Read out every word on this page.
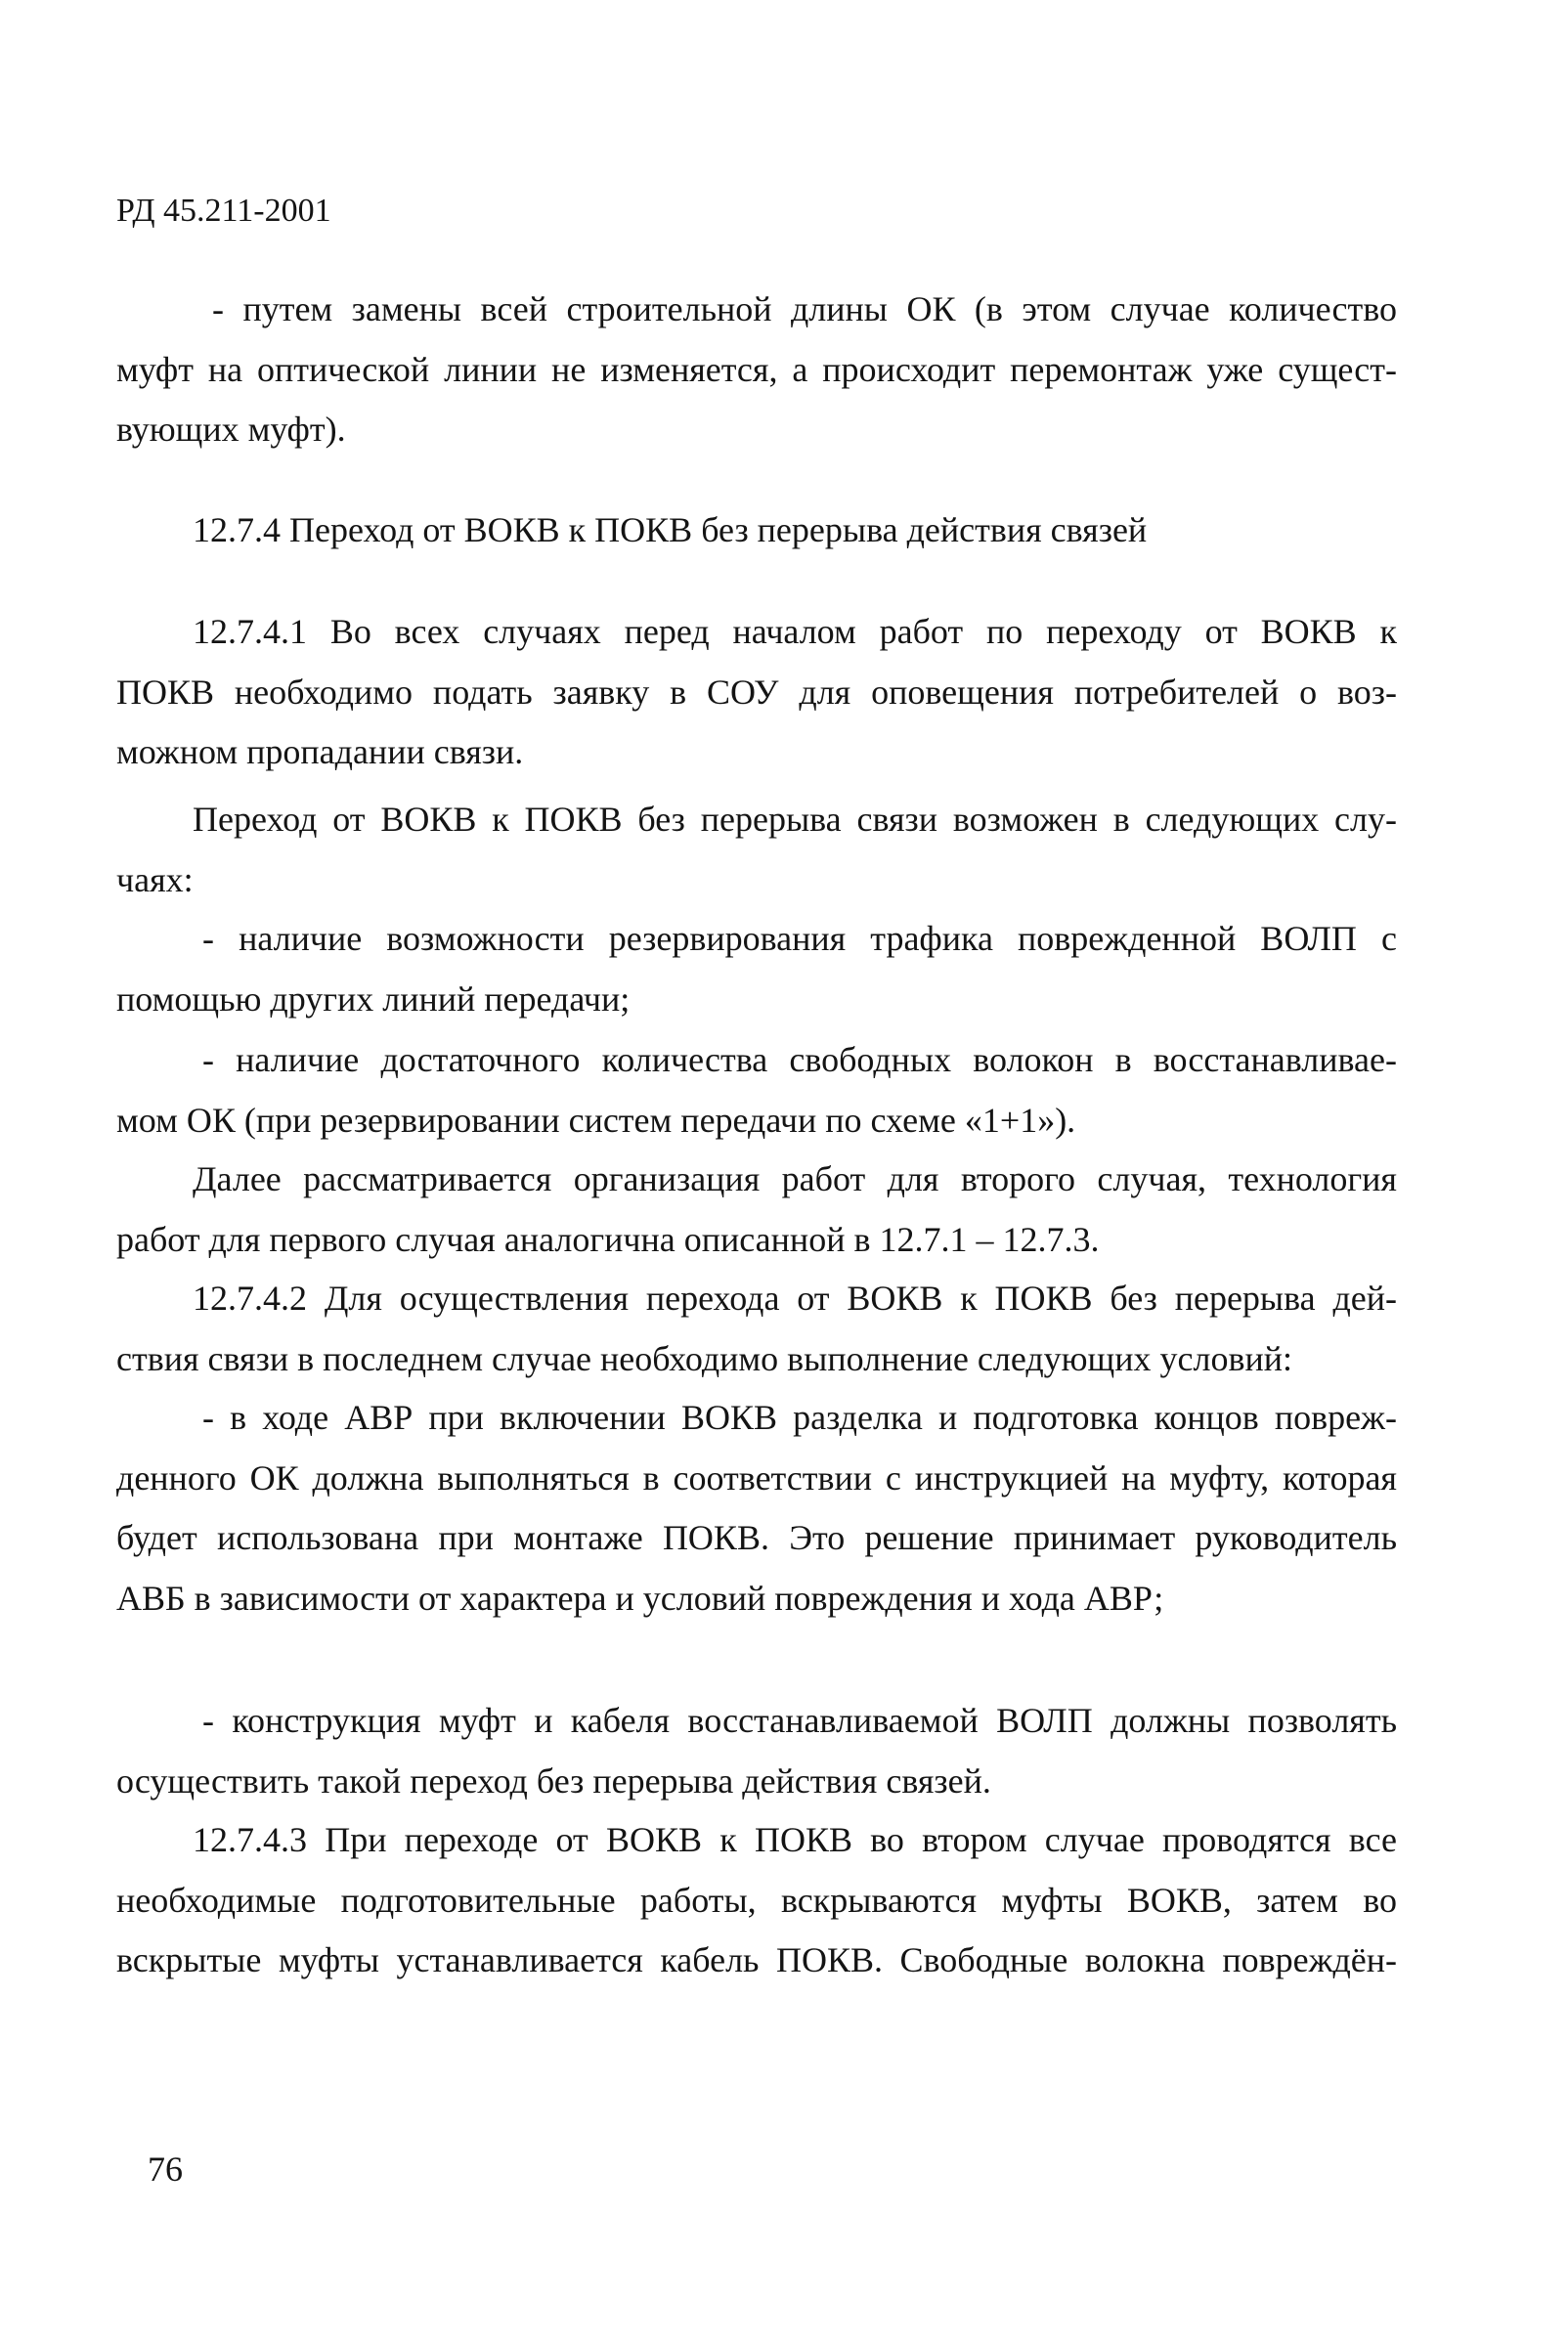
РД 45.211-2001
- путем замены всей строительной длины ОК (в этом случае количество
муфт на оптической линии не изменяется, а происходит перемонтаж уже сущест-
вующих муфт).
12.7.4 Переход от ВОКВ к ПОКВ без перерыва действия связей
12.7.4.1 Во всех случаях перед началом работ по переходу от ВОКВ к
ПОКВ необходимо подать заявку в СОУ для оповещения потребителей о воз-
можном пропадании связи.
Переход от ВОКВ к ПОКВ без перерыва связи возможен в следующих слу-
чаях:
- наличие возможности резервирования трафика поврежденной ВОЛП с
помощью других линий передачи;
- наличие достаточного количества свободных волокон в восстанавливае-
мом ОК (при резервировании систем передачи по схеме «1+1»).
Далее рассматривается организация работ для второго случая, технология
работ для первого случая аналогична описанной в 12.7.1 – 12.7.3.
12.7.4.2 Для осуществления перехода от ВОКВ к ПОКВ без перерыва дей-
ствия связи в последнем случае необходимо выполнение следующих условий:
- в ходе АВР при включении ВОКВ разделка и подготовка концов повреж-
денного ОК должна выполняться в соответствии с инструкцией на муфту, которая
будет использована при монтаже ПОКВ. Это решение принимает руководитель
АВБ в зависимости от характера и условий повреждения и хода АВР;
- конструкция муфт и кабеля восстанавливаемой ВОЛП должны позволять
осуществить такой переход без перерыва действия связей.
12.7.4.3 При переходе от ВОКВ к ПОКВ во втором случае проводятся все
необходимые подготовительные работы, вскрываются муфты ВОКВ, затем во
вскрытые муфты устанавливается кабель ПОКВ. Свободные волокна повреждён-
76
